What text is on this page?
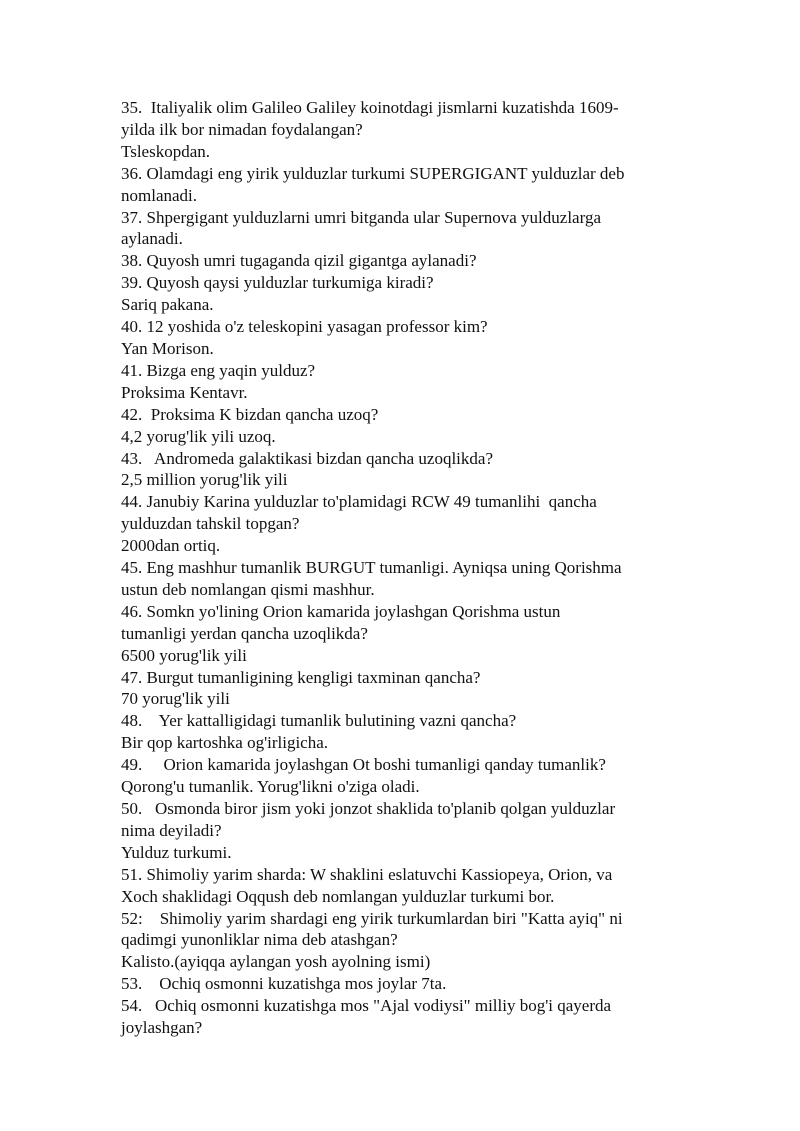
35.  Italiyalik olim Galileo Galiley koinotdagi jismlarni kuzatishda 1609-
yilda ilk bor nimadan foydalangan?
Tsleskopdan.
36. Olamdagi eng yirik yulduzlar turkumi SUPERGIGANT yulduzlar deb
nomlanadi.
37. Shpergigant yulduzlarni umri bitganda ular Supernova yulduzlarga
aylanadi.
38. Quyosh umri tugaganda qizil gigantga aylanadi?
39. Quyosh qaysi yulduzlar turkumiga kiradi?
Sariq pakana.
40. 12 yoshida o'z teleskopini yasagan professor kim?
Yan Morison.
41. Bizga eng yaqin yulduz?
Proksima Kentavr.
42.  Proksima K bizdan qancha uzoq?
4,2 yorug'lik yili uzoq.
43.   Andromeda galaktikasi bizdan qancha uzoqlikda?
2,5 million yorug'lik yili
44. Janubiy Karina yulduzlar to'plamidagi RCW 49 tumanlihi  qancha
yulduzdan tahskil topgan?
2000dan ortiq.
45. Eng mashhur tumanlik BURGUT tumanligi. Ayniqsa uning Qorishma
ustun deb nomlangan qismi mashhur.
46. Somkn yo'lining Orion kamarida joylashgan Qorishma ustun
tumanligi yerdan qancha uzoqlikda?
6500 yorug'lik yili
47. Burgut tumanligining kengligi taxminan qancha?
70 yorug'lik yili
48.    Yer kattalligidagi tumanlik bulutining vazni qancha?
Bir qop kartoshka og'irligicha.
49.     Orion kamarida joylashgan Ot boshi tumanligi qanday tumanlik?
Qorong'u tumanlik. Yorug'likni o'ziga oladi.
50.   Osmonda biror jism yoki jonzot shaklida to'planib qolgan yulduzlar
nima deyiladi?
Yulduz turkumi.
51. Shimoliy yarim sharda: W shaklini eslatuvchi Kassiopeya, Orion, va
Xoch shaklidagi Oqqush deb nomlangan yulduzlar turkumi bor.
52:    Shimoliy yarim shardagi eng yirik turkumlardan biri "Katta ayiq" ni
qadimgi yunonliklar nima deb atashgan?
Kalisto.(ayiqqa aylangan yosh ayolning ismi)
53.    Ochiq osmonni kuzatishga mos joylar 7ta.
54.   Ochiq osmonni kuzatishga mos "Ajal vodiysi" milliy bog'i qayerda
joylashgan?
